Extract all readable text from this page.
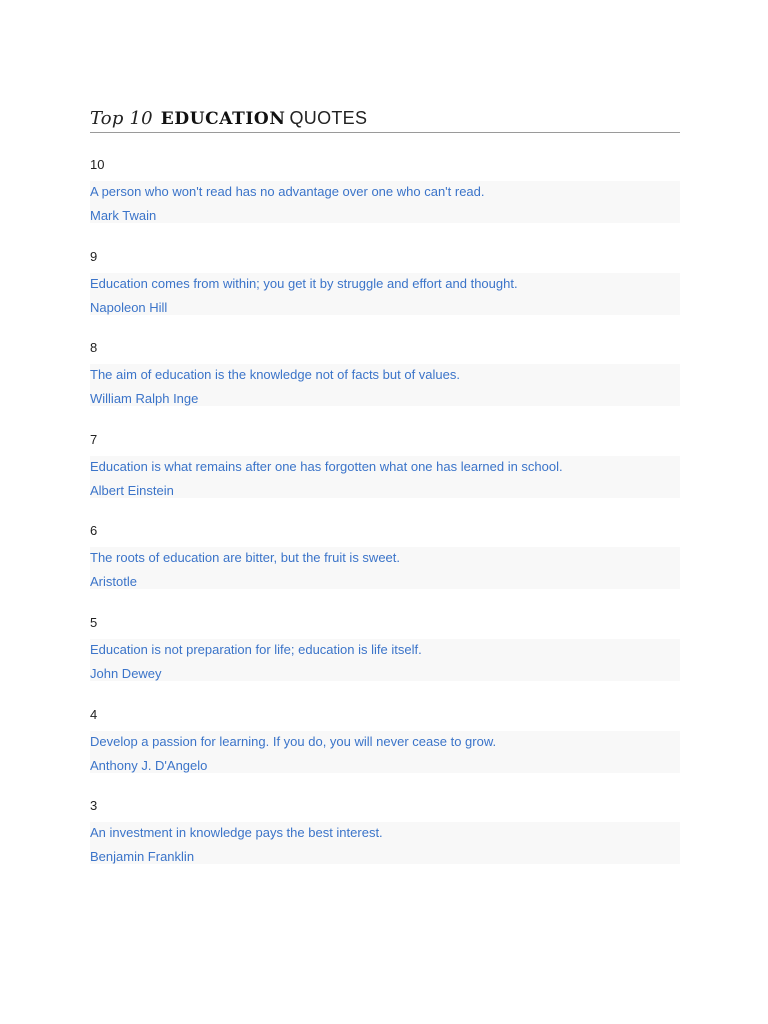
Top 10 EDUCATION QUOTES
10
A person who won't read has no advantage over one who can't read.
Mark Twain
9
Education comes from within; you get it by struggle and effort and thought.
Napoleon Hill
8
The aim of education is the knowledge not of facts but of values.
William Ralph Inge
7
Education is what remains after one has forgotten what one has learned in school.
Albert Einstein
6
The roots of education are bitter, but the fruit is sweet.
Aristotle
5
Education is not preparation for life; education is life itself.
John Dewey
4
Develop a passion for learning. If you do, you will never cease to grow.
Anthony J. D'Angelo
3
An investment in knowledge pays the best interest.
Benjamin Franklin
